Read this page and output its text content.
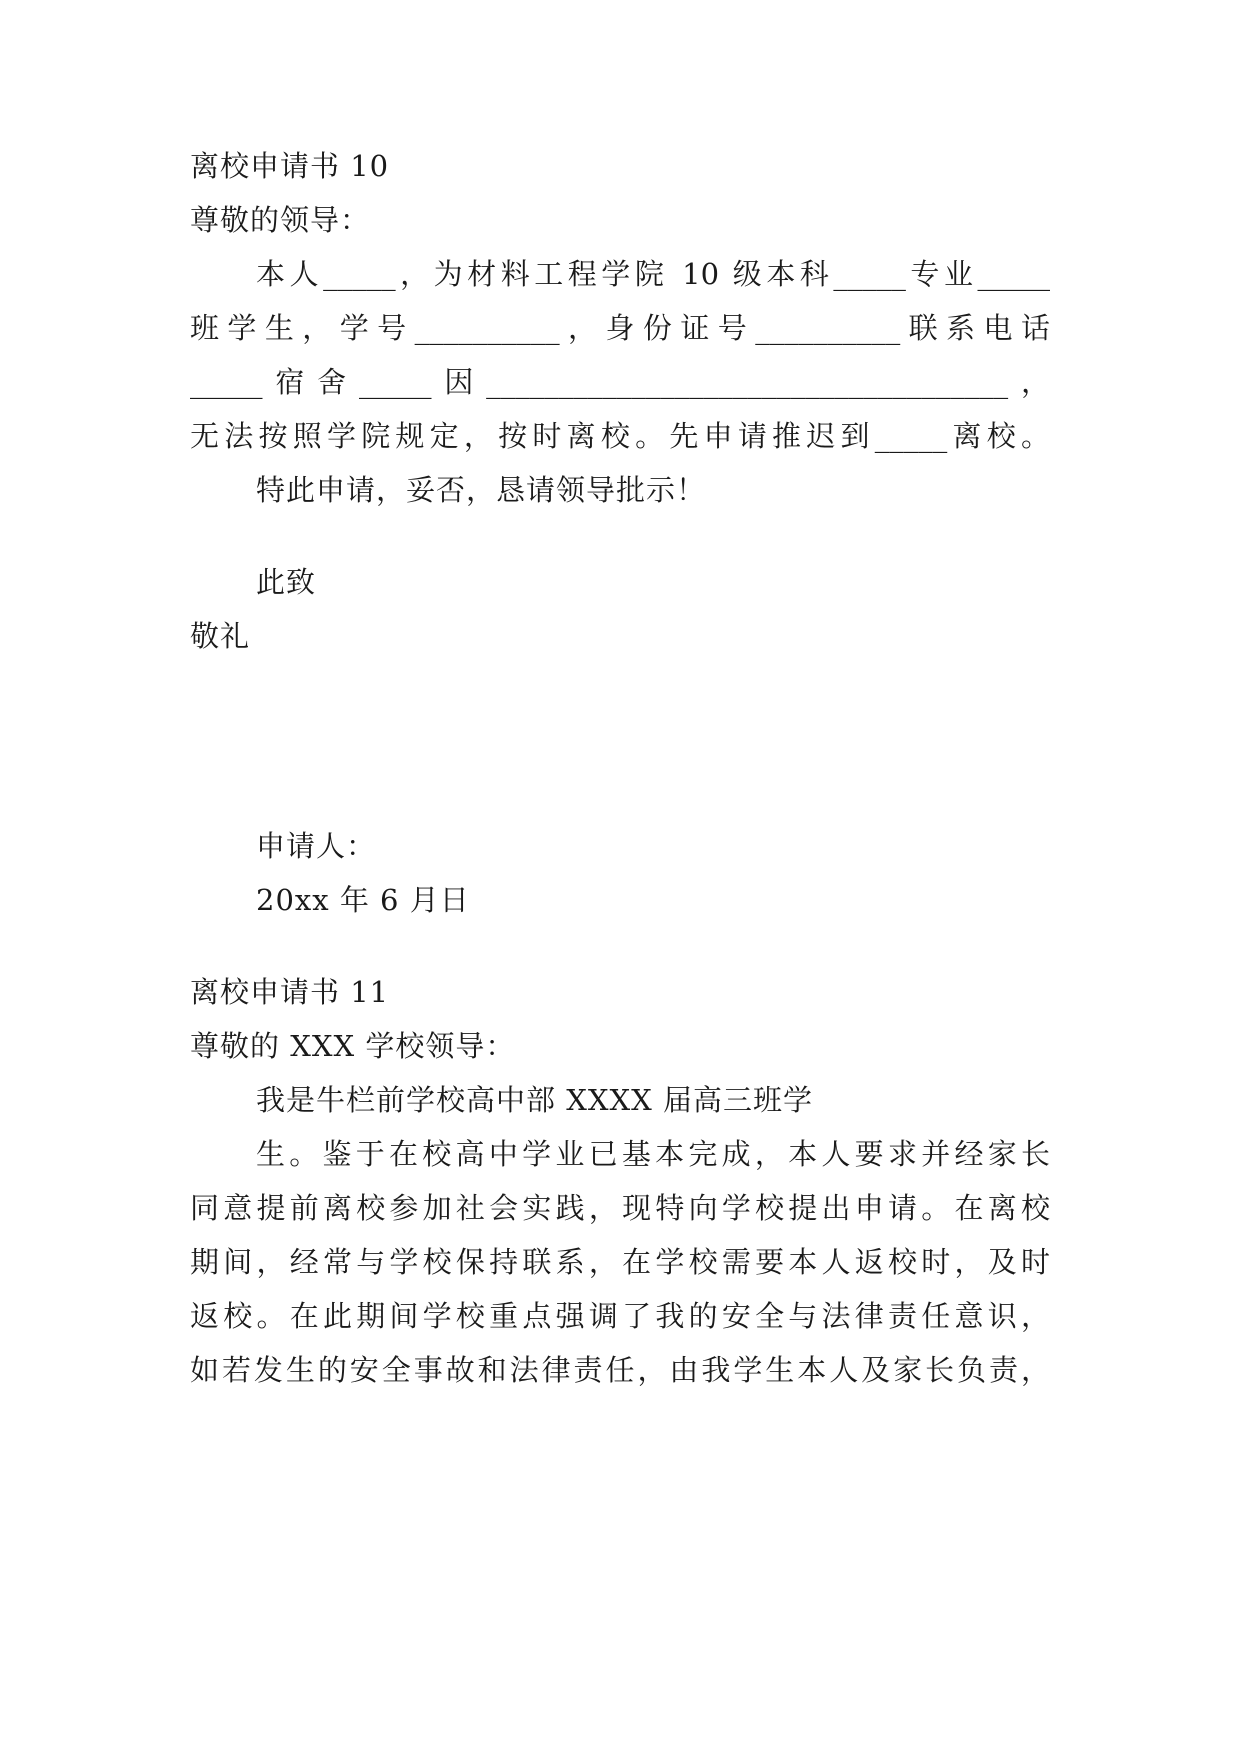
离校申请书 10
尊敬的领导：
本人_____，为材料工程学院 10 级本科_____专业_____
班学生，学号__________，身份证号__________联系电话
_____宿舍_____因____________________________________，
无法按照学院规定，按时离校。先申请推迟到_____离校。
特此申请，妥否，恳请领导批示！
此致
敬礼
申请人：
20xx 年 6 月日
离校申请书 11
尊敬的 XXX 学校领导：
我是牛栏前学校高中部 XXXX 届高三班学
生。鉴于在校高中学业已基本完成，本人要求并经家长
同意提前离校参加社会实践，现特向学校提出申请。在离校
期间，经常与学校保持联系，在学校需要本人返校时，及时
返校。在此期间学校重点强调了我的安全与法律责任意识，
如若发生的安全事故和法律责任，由我学生本人及家长负责，
